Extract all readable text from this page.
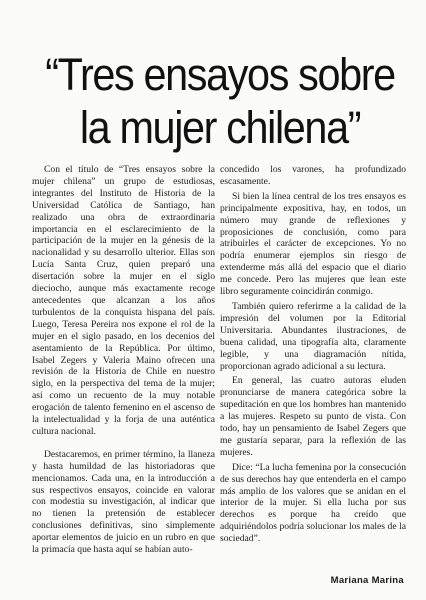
“Tres ensayos sobre
la mujer chilena”

Con el título de “Tres ensayos sobre la mujer chilena” un grupo de estudiosas, integrantes del Instituto de Historia de la Universidad Católica de Santiago, han realizado una obra de extraordinaria importancia en el esclarecimiento de la participación de la mujer en la génesis de la nacionalidad y su desarrollo ulterior. Ellas son Lucía Santa Cruz, quien preparó una disertación sobre la mujer en el siglo dieciocho, aunque más exactamente recoge antecedentes que alcanzan a los años turbulentos de la conquista hispana del país. Luego, Teresa Pereira nos expone el rol de la mujer en el siglo pasado, en los decenios del asentamiento de la República. Por último, Isabel Zegers y Valeria Maino ofrecen una revisión de la Historia de Chile en nuestro siglo, en la perspectiva del tema de la mujer; así como un recuento de la muy notable erogación de talento femenino en el ascenso de la intelectualidad y la forja de una auténtica cultura nacional.

Destacaremos, en primer término, la llaneza y hasta humildad de las historiadoras que mencionamos. Cada una, en la introducción a sus respectivos ensayos, coincide en valorar con modestia su investigación, al indicar que no tienen la pretensión de establecer conclusiones definitivas, sino simplemente aportar elementos de juicio en un rubro en que la primacía que hasta aquí se habían auto-

concedido los varones, ha profundizado escasamente.

Si bien la línea central de los tres ensayos es principalmente expositiva, hay, en todos, un número muy grande de reflexiones y proposiciones de conclusión, como para atribuirles el carácter de excepciones. Yo no podría enumerar ejemplos sin riesgo de extenderme más allá del espacio que el diario me concede. Pero las mujeres que lean este libro seguramente coincidirán conmigo.

También quiero referirme a la calidad de la impresión del volumen por la Editorial Universitaria. Abundantes ilustraciones, de buena calidad, una tipografía alta, claramente legible, y una diagramación nítida, proporcionan agrado adicional a su lectura.

En general, las cuatro autoras eluden pronunciarse de manera categórica sobre la supeditación en que los hombres han mantenido a las mujeres. Respeto su punto de vista. Con todo, hay un pensamiento de Isabel Zegers que me gustaría separar, para la reflexión de las mujeres.

Dice: “La lucha femenina por la consecución de sus derechos hay que entenderla en el campo más amplio de los valores que se anidan en el interior de la mujer. Si ella lucha por sus derechos es porque ha creído que adquiriéndolos podría solucionar los males de la sociedad”.

Mariana Marina
